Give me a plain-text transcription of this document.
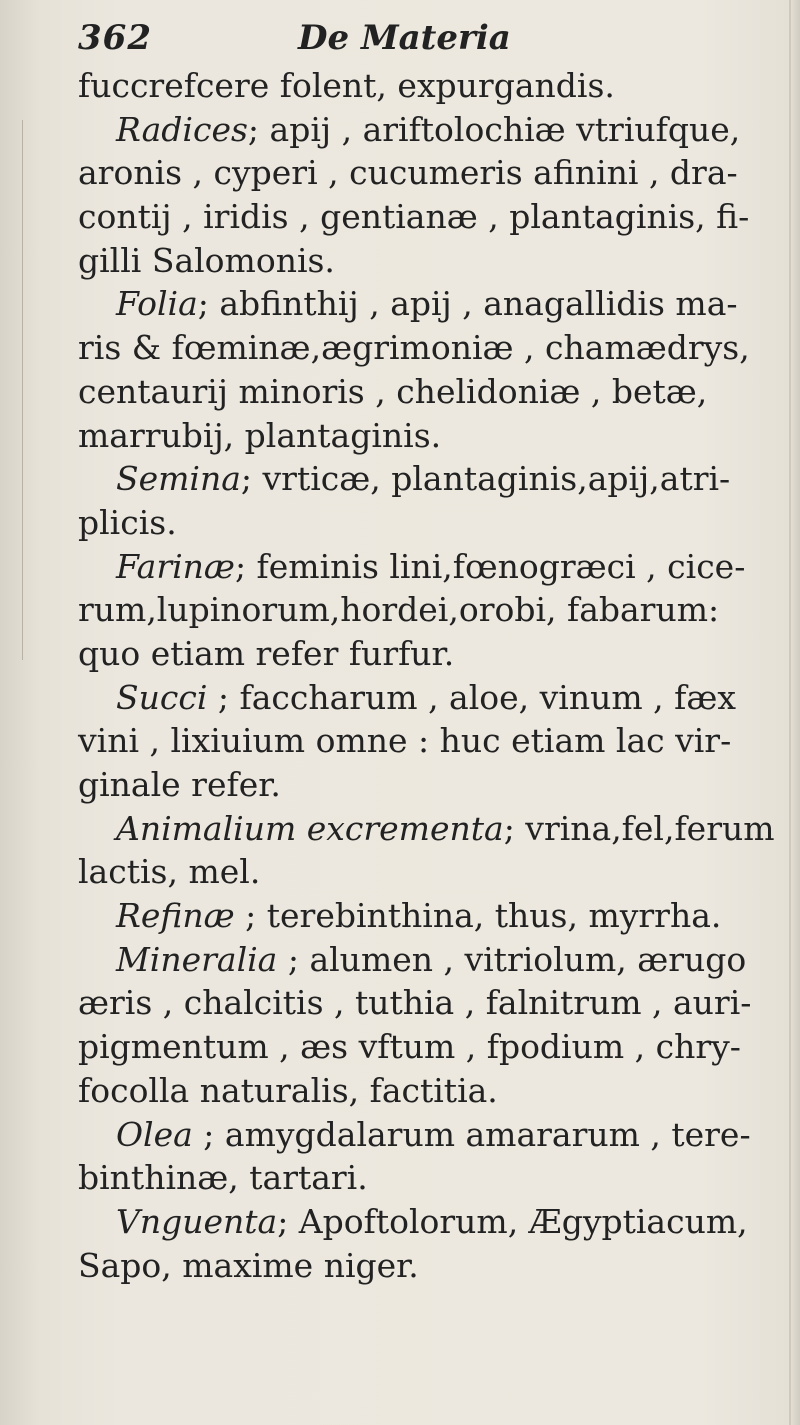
362	De Materia
fuccrefcere folent, expurgandis.
Radices; apij , ariftolochiæ vtriufque,
aronis , cyperi , cucumeris afinini , dra-
contij , iridis , gentianæ , plantaginis, fi-
gilli Salomonis.
Folia; abfinthij , apij , anagallidis ma-
ris & fœminæ,ægrimoniæ , chamædrys,
centaurij minoris , chelidoniæ , betæ,
marrubij, plantaginis.
Semina; vrticæ, plantaginis,apij,atri-
plicis.
Farinæ; feminis lini,fœnogræci , cice-
rum,lupinorum,hordei,orobi, fabarum:
quo etiam refer furfur.
Succi ; faccharum , aloe, vinum , fæx
vini , lixiuium omne : huc etiam lac vir-
ginale refer.
Animalium excrementa; vrina,fel,ferum
lactis, mel.
Refinæ ; terebinthina, thus, myrrha.
Mineralia ; alumen , vitriolum, ærugo
æris , chalcitis , tuthia , falnitrum , auri-
pigmentum , æs vftum , fpodium , chry-
focolla naturalis, factitia.
Olea ; amygdalarum amararum , tere-
binthinæ, tartari.
Vnguenta; Apoftolorum, Ægyptiacum,
Sapo, maxime niger.
